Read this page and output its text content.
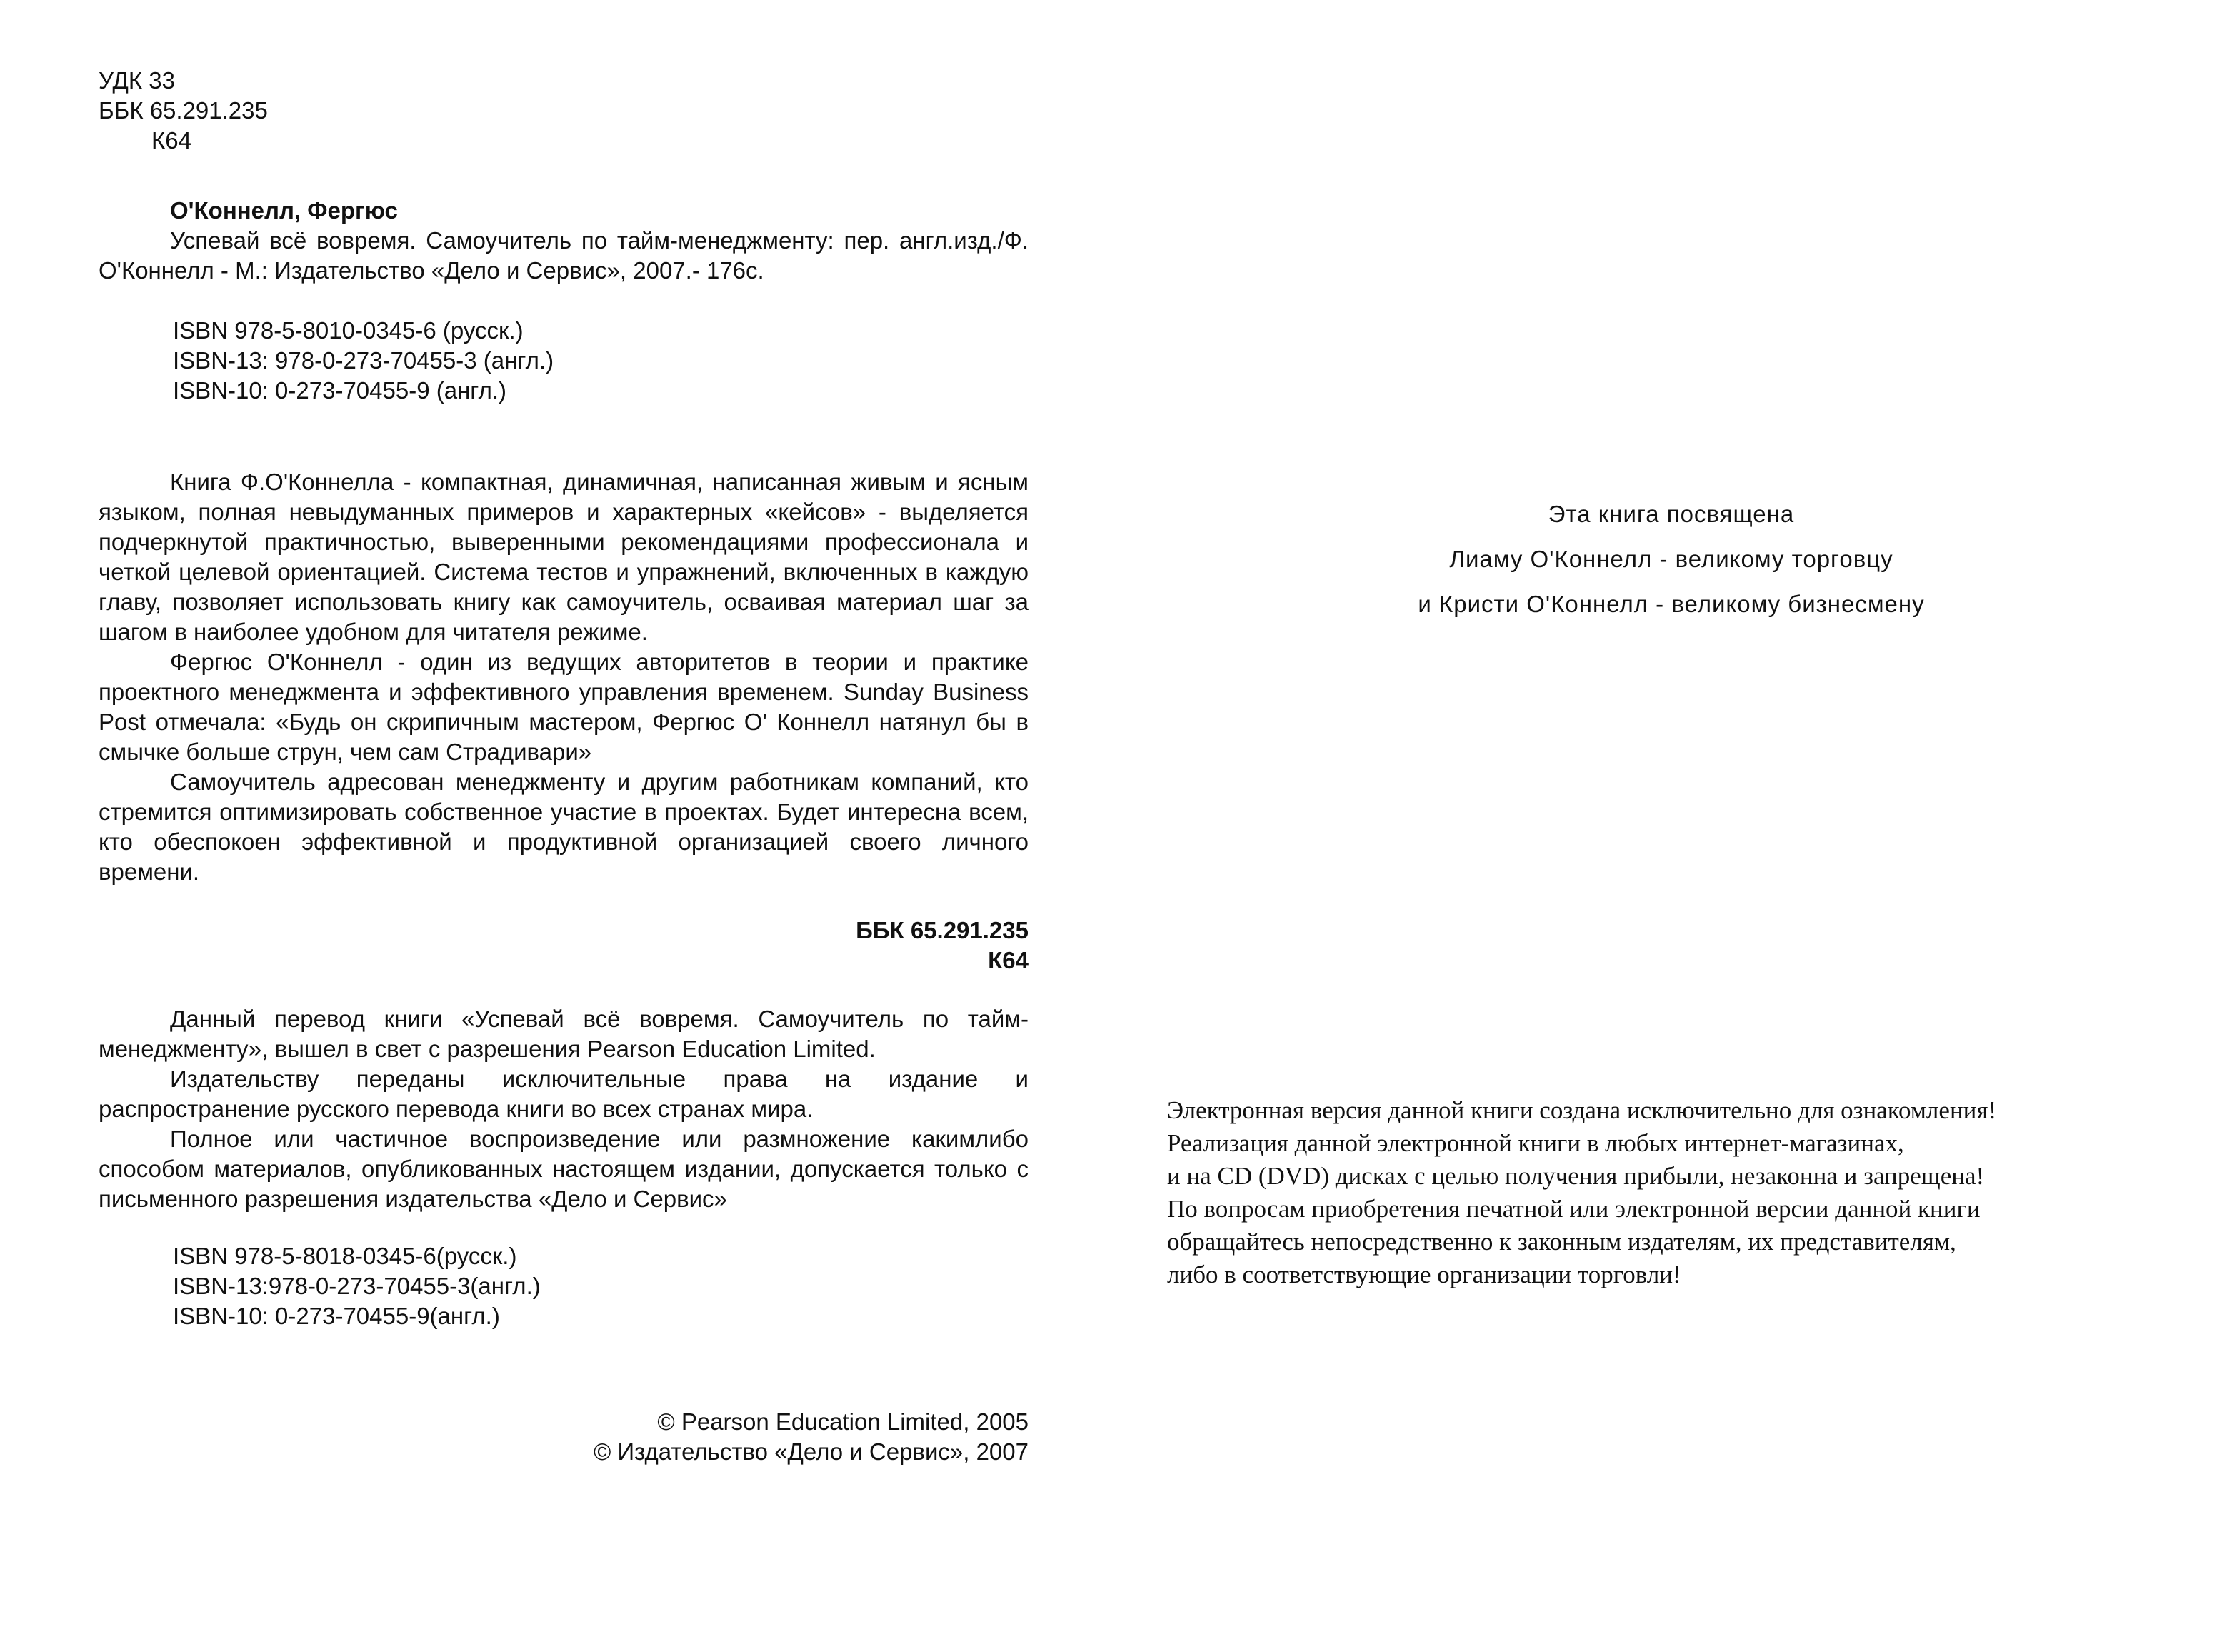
УДК 33

ББК 65.291.235

К64

О'Коннелл, Фергюс

Успевай всё вовремя. Самоучитель по тайм-менеджменту: пер. англ.изд./Ф. О'Коннелл - М.: Издательство «Дело и Сервис», 2007.- 176с.

ISBN 978-5-8010-0345-6 (русск.)

ISBN-13: 978-0-273-70455-3 (англ.)

ISBN-10: 0-273-70455-9 (англ.)

Книга Ф.О'Коннелла - компактная, динамичная, написанная живым и ясным языком, полная невыдуманных примеров и характерных «кейсов» - выделяется подчеркнутой практичностью, выверенными рекомендациями профессионала и четкой целевой ориентацией. Система тестов и упражнений, включенных в каждую главу, позволяет использовать книгу как самоучитель, осваивая материал шаг за шагом в наиболее удобном для читателя режиме.

Фергюс О'Коннелл - один из ведущих авторитетов в теории и практике проектного менеджмента и эффективного управления временем. Sunday Business Post отмечала: «Будь он скрипичным мастером, Фергюс О' Коннелл натянул бы в смычке больше струн, чем сам Страдивари»

Самоучитель адресован менеджменту и другим работникам компаний, кто стремится оптимизировать собственное участие в проектах. Будет интересна всем, кто обеспокоен эффективной и продуктивной организацией своего личного времени.

ББК 65.291.235

К64

Данный перевод книги «Успевай всё вовремя. Самоучитель по тайм-менеджменту», вышел в свет с разрешения Pearson Education Limited.

Издательству переданы исключительные права на издание и распространение русского перевода книги во всех странах мира.

Полное или частичное воспроизведение или размножение какимлибо способом материалов, опубликованных настоящем издании, допускается только с письменного разрешения издательства «Дело и Сервис»

ISBN 978-5-8018-0345-6(русск.)

ISBN-13:978-0-273-70455-3(англ.)

ISBN-10: 0-273-70455-9(англ.)

© Pearson Education Limited, 2005

© Издательство «Дело и Сервис», 2007

Эта книга посвящена

Лиаму О'Коннелл - великому торговцу

и Кристи О'Коннелл - великому бизнесмену

Электронная версия данной книги создана исключительно для ознакомления!

Реализация данной электронной книги в любых интернет-магазинах,

и на CD (DVD) дисках с целью получения прибыли, незаконна и запрещена!

По вопросам приобретения печатной или электронной версии данной книги

обращайтесь непосредственно к законным издателям, их представителям,

либо в соответствующие организации торговли!
